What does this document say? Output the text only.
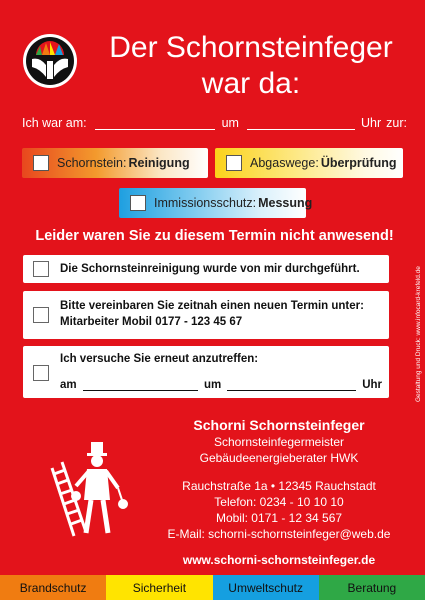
Der Schornsteinfeger
war da:
Ich war am:	um	Uhr zur:
Schornstein: Reinigung	Abgaswege: Überprüfung
Immissionsschutz: Messung
Leider waren Sie zu diesem Termin nicht anwesend!
Die Schornsteinreinigung wurde von mir durchgeführt.
Bitte vereinbaren Sie zeitnah einen neuen Termin unter:
Mitarbeiter Mobil 0177 - 123 45 67
Ich versuche Sie erneut anzutreffen:
am	um	Uhr	Gestaltung und Druck: www.infocard-krefeld.de
Schorni Schornsteinfeger
Schornsteinfegermeister
Gebäudeenergieberater HWK
Rauchstraße 1a • 12345 Rauchstadt
Telefon: 0234 - 10 10 10
Mobil: 0171 - 12 34 567
E-Mail: schorni-schornsteinfeger@web.de
www.schorni-schornsteinfeger.de
Brandschutz	Sicherheit	Umweltschutz	Beratung
